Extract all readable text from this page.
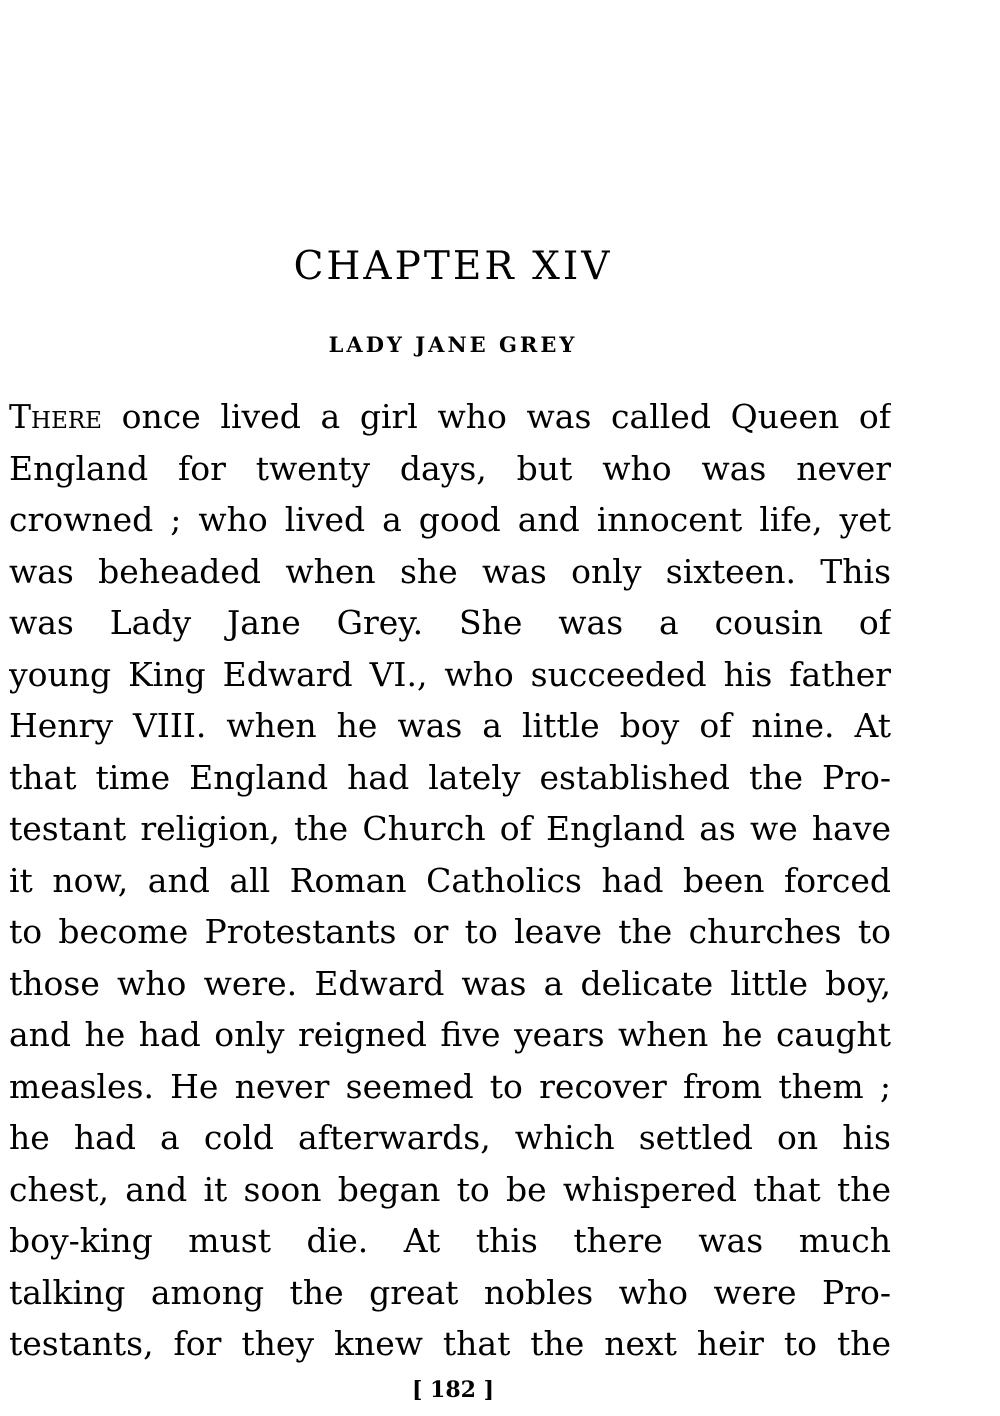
CHAPTER XIV
LADY JANE GREY
There once lived a girl who was called Queen of
England for twenty days, but who was never
crowned ; who lived a good and innocent life, yet
was beheaded when she was only sixteen. This
was Lady Jane Grey. She was a cousin of
young King Edward VI., who succeeded his father
Henry VIII. when he was a little boy of nine. At
that time England had lately established the Pro-
testant religion, the Church of England as we have
it now, and all Roman Catholics had been forced
to become Protestants or to leave the churches to
those who were. Edward was a delicate little boy,
and he had only reigned five years when he caught
measles. He never seemed to recover from them ;
he had a cold afterwards, which settled on his
chest, and it soon began to be whispered that the
boy-king must die. At this there was much
talking among the great nobles who were Pro-
testants, for they knew that the next heir to the
[ 182 ]
